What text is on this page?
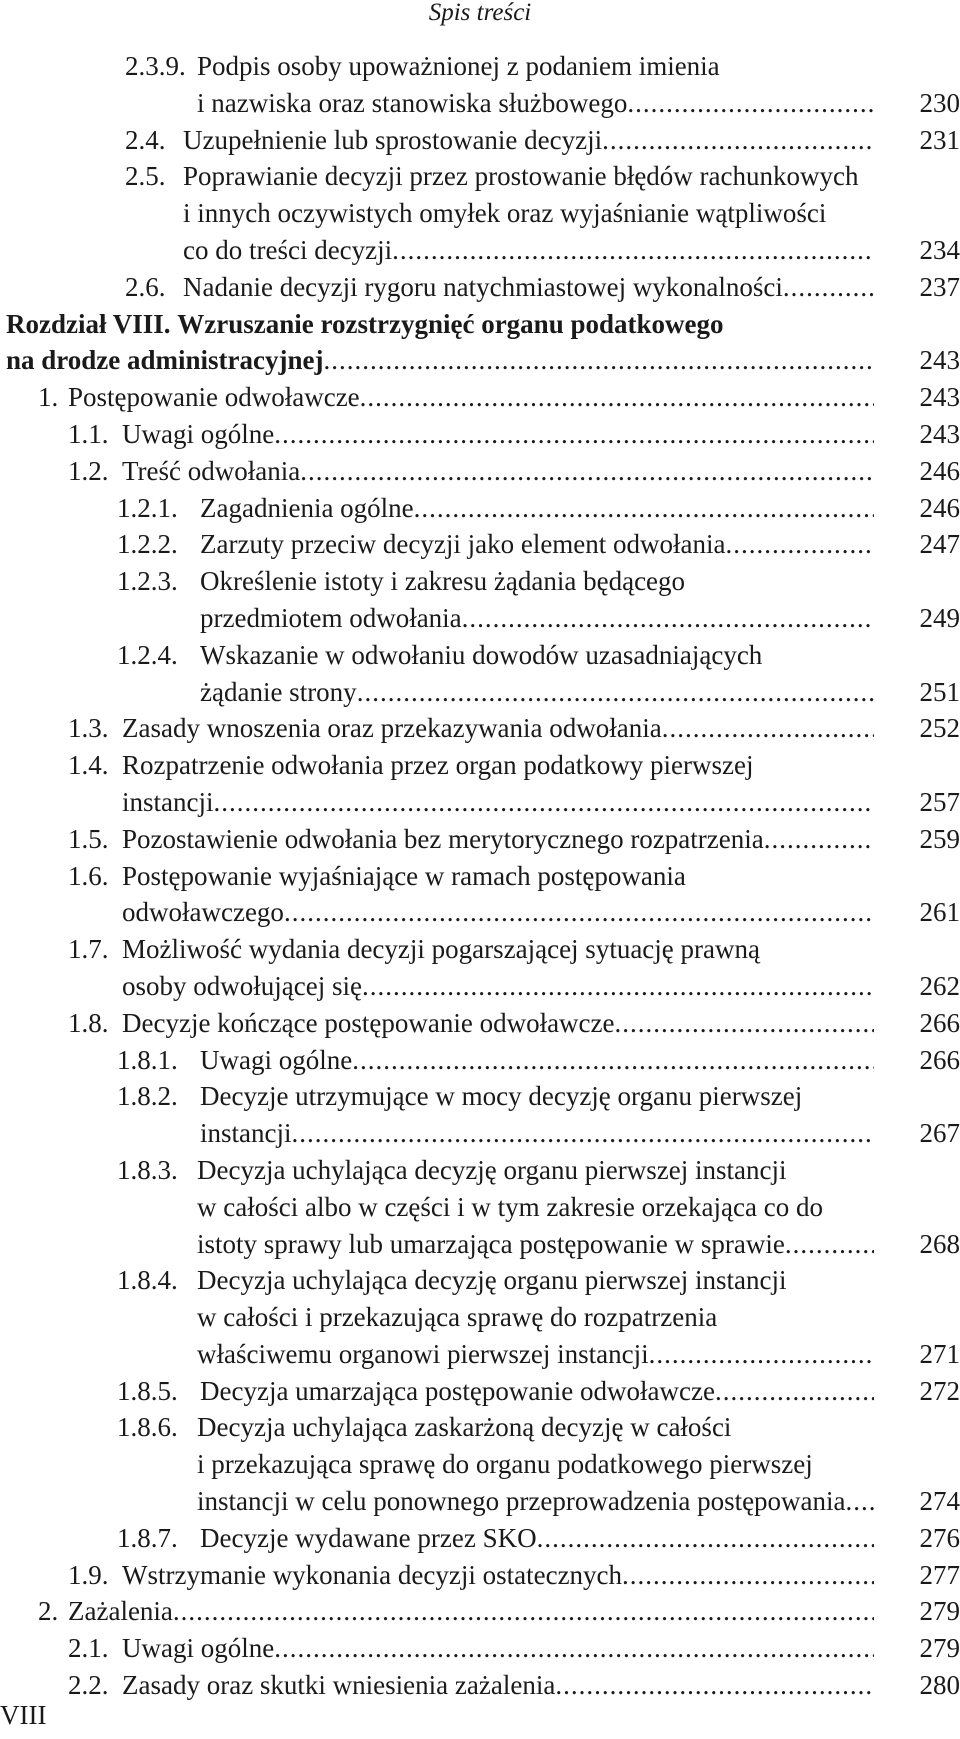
Spis treści
2.3.9. Podpis osoby upoważnionej z podaniem imienia
i nazwiska oraz stanowiska służbowego .....	230
2.4. Uzupełnienie lub sprostowanie decyzji .....	231
2.5. Poprawianie decyzji przez prostowanie błędów rachunkowych
i innych oczywistych omyłek oraz wyjaśnianie wątpliwości
co do treści decyzji .....	234
2.6. Nadanie decyzji rygoru natychmiastowej wykonalności .....	237
Rozdział VIII. Wzruszanie rozstrzygnięć organu podatkowego
na drodze administracyjnej .....	243
1. Postępowanie odwoławcze .....	243
1.1. Uwagi ogólne .....	243
1.2. Treść odwołania .....	246
1.2.1. Zagadnienia ogólne .....	246
1.2.2. Zarzuty przeciw decyzji jako element odwołania .....	247
1.2.3. Określenie istoty i zakresu żądania będącego
przedmiotem odwołania .....	249
1.2.4. Wskazanie w odwołaniu dowodów uzasadniających
żądanie strony .....	251
1.3. Zasady wnoszenia oraz przekazywania odwołania .....	252
1.4. Rozpatrzenie odwołania przez organ podatkowy pierwszej
instancji .....	257
1.5. Pozostawienie odwołania bez merytorycznego rozpatrzenia .....	259
1.6. Postępowanie wyjaśniające w ramach postępowania
odwoławczego .....	261
1.7. Możliwość wydania decyzji pogarszającej sytuację prawną
osoby odwołującej się .....	262
1.8. Decyzje kończące postępowanie odwoławcze .....	266
1.8.1. Uwagi ogólne .....	266
1.8.2. Decyzje utrzymujące w mocy decyzję organu pierwszej
instancji .....	267
1.8.3. Decyzja uchylająca decyzję organu pierwszej instancji
w całości albo w części i w tym zakresie orzekająca co do
istoty sprawy lub umarzająca postępowanie w sprawie .....	268
1.8.4. Decyzja uchylająca decyzję organu pierwszej instancji
w całości i przekazująca sprawę do rozpatrzenia
właściwemu organowi pierwszej instancji .....	271
1.8.5. Decyzja umarzająca postępowanie odwoławcze .....	272
1.8.6. Decyzja uchylająca zaskarżoną decyzję w całości
i przekazująca sprawę do organu podatkowego pierwszej
instancji w celu ponownego przeprowadzenia postępowania .....	274
1.8.7. Decyzje wydawane przez SKO .....	276
1.9. Wstrzymanie wykonania decyzji ostatecznych .....	277
2. Zażalenia .....	279
2.1. Uwagi ogólne .....	279
2.2. Zasady oraz skutki wniesienia zażalenia .....	280
VIII
